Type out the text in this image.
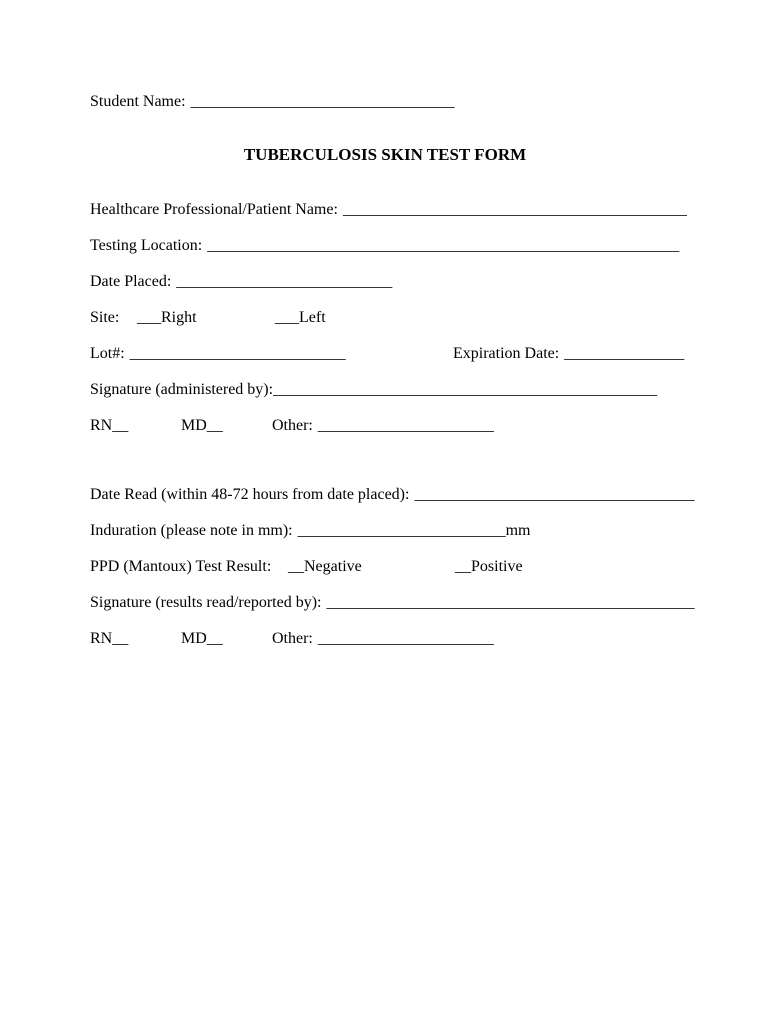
Student Name: _________________________________
TUBERCULOSIS SKIN TEST FORM
Healthcare Professional/Patient Name: ___________________________________________
Testing Location: ___________________________________________________________
Date Placed: ___________________________
Site: ___Right	___Left
Lot#: ___________________________	Expiration Date: _______________
Signature (administered by):________________________________________________
RN__	MD__	Other: ______________________
Date Read (within 48-72 hours from date placed): ___________________________________
Induration (please note in mm): __________________________mm
PPD (Mantoux) Test Result: __Negative	__Positive
Signature (results read/reported by): ______________________________________________
RN__	MD__	Other: ______________________
